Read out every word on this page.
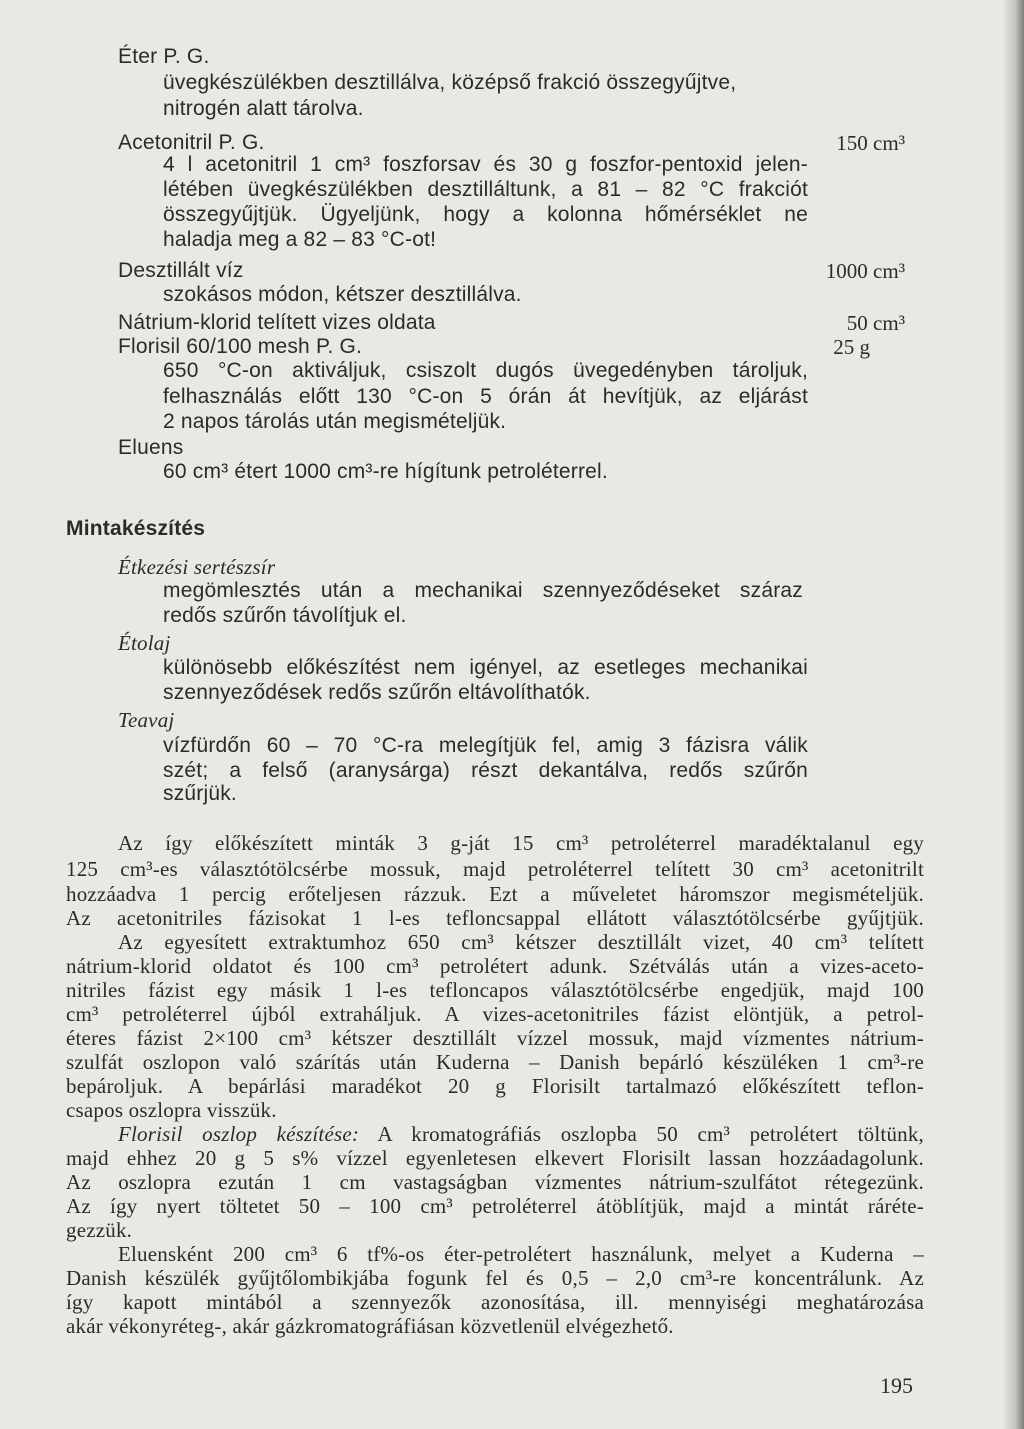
Éter P. G.
üvegkészülékben desztillálva, középső frakció összegyűjtve,
nitrogén alatt tárolva.
Acetonitril P. G.	150 cm³
4 l acetonitril 1 cm³ foszforsav és 30 g foszfor-pentoxid jelen-
létében üvegkészülékben desztilláltunk, a 81 – 82 °C frakciót
összegyűjtjük. Ügyeljünk, hogy a kolonna hőmérséklet ne
haladja meg a 82 – 83 °C-ot!
Desztillált víz	1000 cm³
szokásos módon, kétszer desztillálva.
Nátrium-klorid telített vizes oldata	50 cm³
Florisil 60/100 mesh P. G.	25 g
650 °C-on aktiváljuk, csiszolt dugós üvegedényben tároljuk,
felhasználás előtt 130 °C-on 5 órán át hevítjük, az eljárást
2 napos tárolás után megismételjük.
Eluens
60 cm³ étert 1000 cm³-re hígítunk petroléterrel.
Mintakészítés
Étkezési sertészsír
megömlesztés után a mechanikai szennyeződéseket száraz
redős szűrőn távolítjuk el.
Étolaj
különösebb előkészítést nem igényel, az esetleges mechanikai
szennyeződések redős szűrőn eltávolíthatók.
Teavaj
vízfürdőn 60 – 70 °C-ra melegítjük fel, amig 3 fázisra válik
szét; a felső (aranysárga) részt dekantálva, redős szűrőn
szűrjük.
Az így előkészített minták 3 g-ját 15 cm³ petroléterrel maradéktalanul egy
125 cm³-es választótölcsérbe mossuk, majd petroléterrel telített 30 cm³ acetonitrilt
hozzáadva 1 percig erőteljesen rázzuk. Ezt a műveletet háromszor megismételjük.
Az acetonitriles fázisokat 1 l-es tefloncsappal ellátott választótölcsérbe gyűjtjük.
Az egyesített extraktumhoz 650 cm³ kétszer desztillált vizet, 40 cm³ telített
nátrium-klorid oldatot és 100 cm³ petrolétert adunk. Szétválás után a vizes-aceto-
nitriles fázist egy másik 1 l-es teflonсapos választótölcsérbe engedjük, majd 100
cm³ petroléterrel újból extraháljuk. A vizes-acetonitriles fázist elöntjük, a petrol-
éteres fázist 2×100 cm³ kétszer desztillált vízzel mossuk, majd vízmentes nátrium-
szulfát oszlopon való szárítás után Kuderna – Danish bepárló készüléken 1 cm³-re
bepároljuk. A bepárlási maradékot 20 g Florisilt tartalmazó előkészített teflon-
csapos oszlopra visszük.
Florisil oszlop készítése: A kromatográfiás oszlopba 50 cm³ petrolétert töltünk,
majd ehhez 20 g 5 s% vízzel egyenletesen elkevert Florisilt lassan hozzáadagolunk.
Az oszlopra ezután 1 cm vastagságban vízmentes nátrium-szulfátot rétegezünk.
Az így nyert töltetet 50 – 100 cm³ petroléterrel átöblítjük, majd a mintát ráréte-
gezzük.
Eluensként 200 cm³ 6 tf%-os éter-petrolétert használunk, melyet a Kuderna –
Danish készülék gyűjtőlombikjába fogunk fel és 0,5 – 2,0 cm³-re koncentrálunk. Az
így kapott mintából a szennyezők azonosítása, ill. mennyiségi meghatározása
akár vékonyréteg-, akár gázkromatográfiásan közvetlenül elvégezhető.
195
